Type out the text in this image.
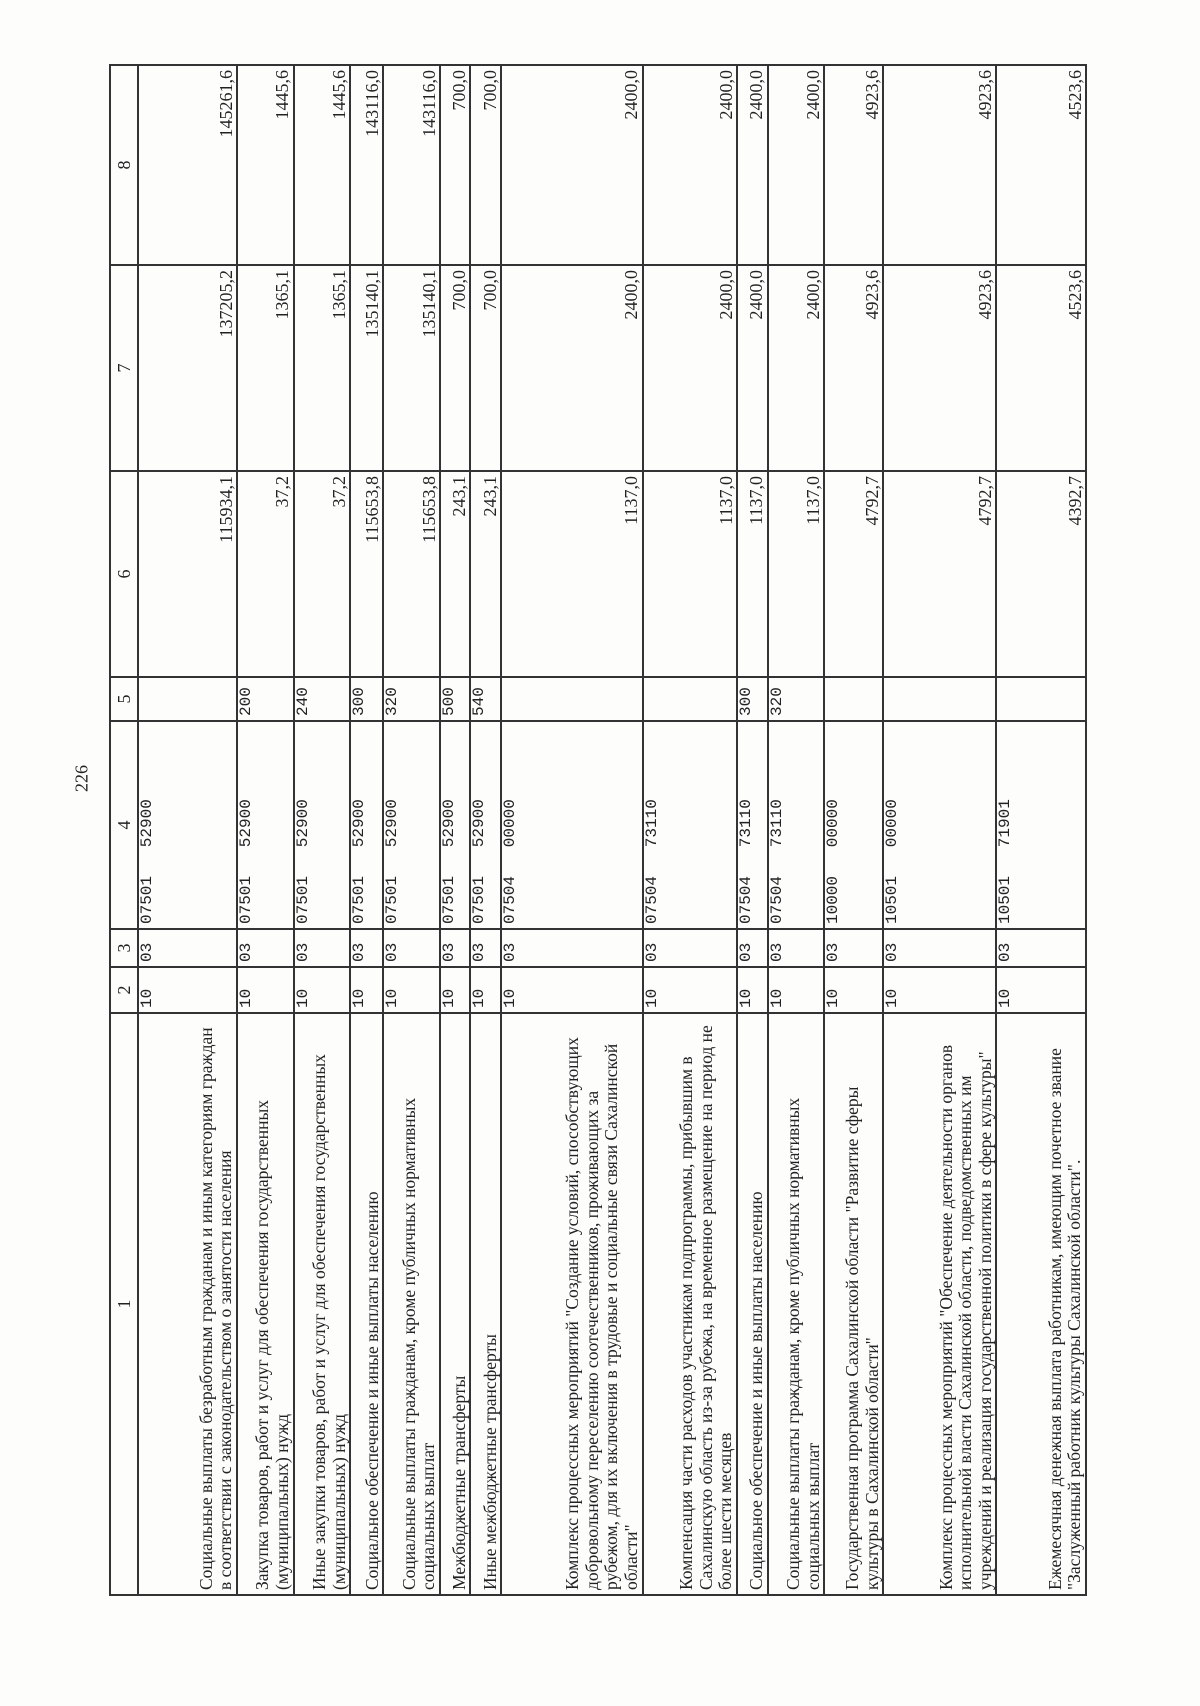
226
1	2	3	4	5	6	7	8
Социальные выплаты безработным гражданам и иным категориям граждан в соответствии с законодательством о занятости населения	10	03	07501   52900		115934,1	137205,2	145261,6
Закупка товаров, работ и услуг для обеспечения государственных (муниципальных) нужд	10	03	07501   52900	200	37,2	1365,1	1445,6
Иные закупки товаров, работ и услуг для обеспечения государственных (муниципальных) нужд	10	03	07501   52900	240	37,2	1365,1	1445,6
Социальное обеспечение и иные выплаты населению	10	03	07501   52900	300	115653,8	135140,1	143116,0
Социальные выплаты гражданам, кроме публичных нормативных социальных выплат	10	03	07501   52900	320	115653,8	135140,1	143116,0
Межбюджетные трансферты	10	03	07501   52900	500	243,1	700,0	700,0
Иные межбюджетные трансферты	10	03	07501   52900	540	243,1	700,0	700,0
Комплекс процессных мероприятий "Создание условий, способствующих добровольному переселению соотечественников, проживающих за рубежом, для их включения в трудовые и социальные связи Сахалинской области"	10	03	07504   00000		1137,0	2400,0	2400,0
Компенсация части расходов участникам подпрограммы, прибывшим в Сахалинскую область из-за рубежа, на временное размещение на период не более шести месяцев	10	03	07504   73110		1137,0	2400,0	2400,0
Социальное обеспечение и иные выплаты населению	10	03	07504   73110	300	1137,0	2400,0	2400,0
Социальные выплаты гражданам, кроме публичных нормативных социальных выплат	10	03	07504   73110	320	1137,0	2400,0	2400,0
Государственная программа Сахалинской области "Развитие сферы культуры в Сахалинской области"	10	03	10000   00000		4792,7	4923,6	4923,6
Комплекс процессных мероприятий "Обеспечение деятельности органов исполнительной власти Сахалинской области, подведомственных им учреждений и реализация государственной политики в сфере культуры"	10	03	10501   00000		4792,7	4923,6	4923,6
Ежемесячная денежная выплата работникам, имеющим почетное звание "Заслуженный работник культуры Сахалинской области".	10	03	10501   71901		4392,7	4523,6	4523,6
